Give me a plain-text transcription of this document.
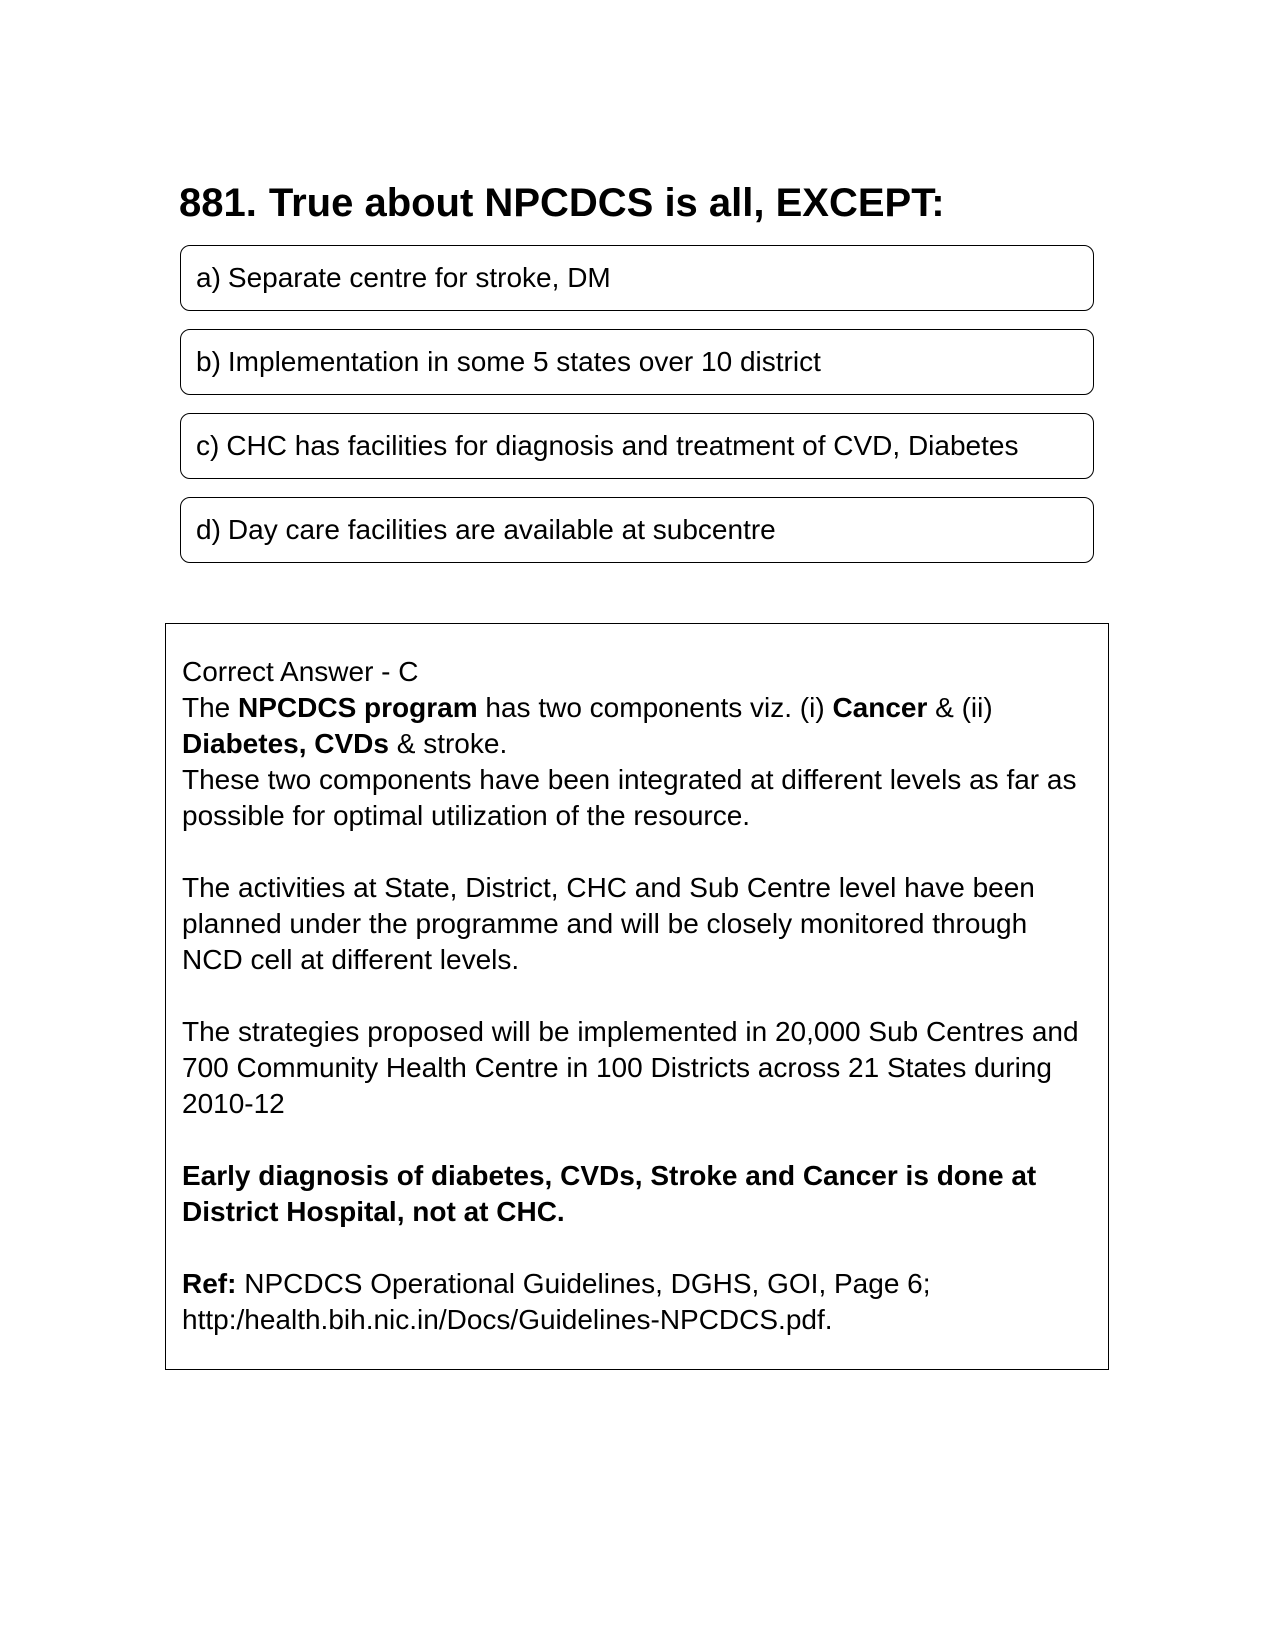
881. True about NPCDCS is all, EXCEPT:
a) Separate centre for stroke, DM
b) Implementation in some 5 states over 10 district
c) CHC has facilities for diagnosis and treatment of CVD, Diabetes
d) Day care facilities are available at subcentre

Correct Answer - C

The NPCDCS program has two components viz. (i) Cancer & (ii) Diabetes, CVDs & stroke.

These two components have been integrated at different levels as far as possible for optimal utilization of the resource.

The activities at State, District, CHC and Sub Centre level have been planned under the programme and will be closely monitored through NCD cell at different levels.

The strategies proposed will be implemented in 20,000 Sub Centres and 700 Community Health Centre in 100 Districts across 21 States during 2010-12

Early diagnosis of diabetes, CVDs, Stroke and Cancer is done at District Hospital, not at CHC.

Ref: NPCDCS Operational Guidelines, DGHS, GOI, Page 6; http:/health.bih.nic.in/Docs/Guidelines-NPCDCS.pdf.
